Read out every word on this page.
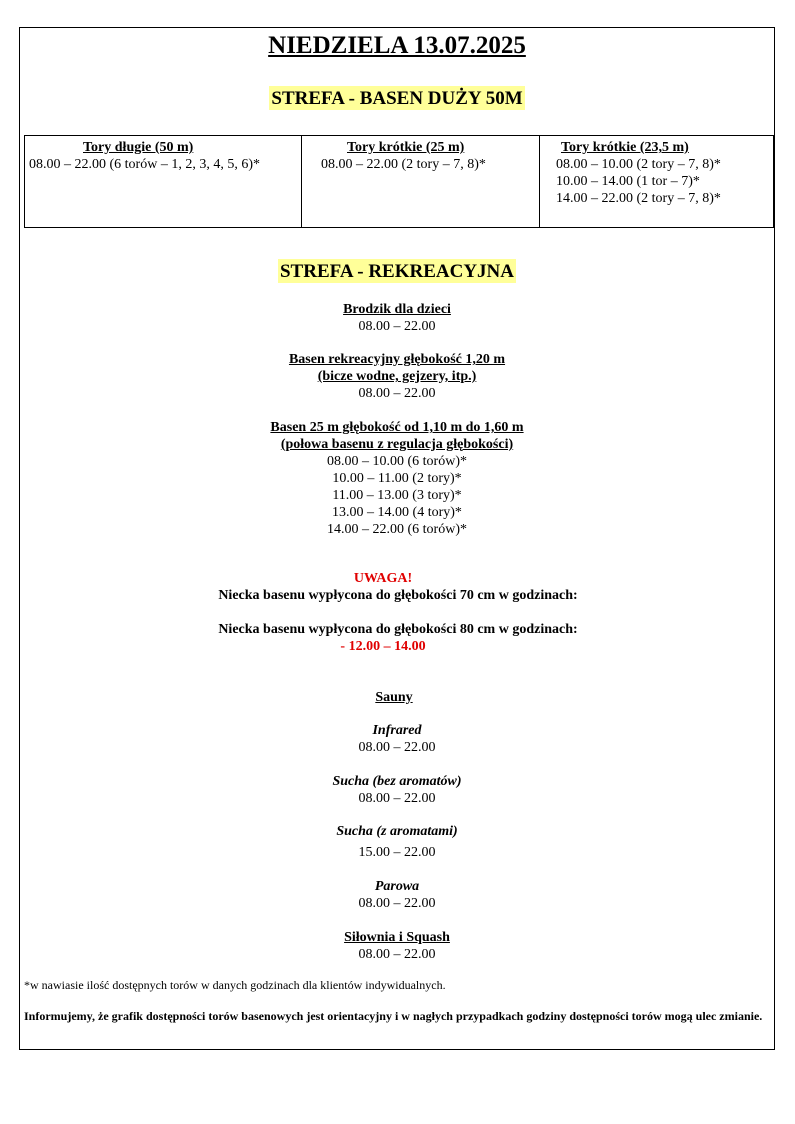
NIEDZIELA 13.07.2025
STREFA - BASEN DUŻY 50M
Tory długie (50 m)
08.00 – 22.00 (6 torów – 1, 2, 3, 4, 5, 6)*
Tory krótkie (25 m)
08.00 – 22.00 (2 tory – 7, 8)*
Tory krótkie (23,5 m)
08.00 – 10.00 (2 tory – 7, 8)*
10.00 – 14.00 (1 tor – 7)*
14.00 – 22.00 (2 tory – 7, 8)*
STREFA - REKREACYJNA
Brodzik dla dzieci
08.00 – 22.00
Basen rekreacyjny głębokość 1,20 m
(bicze wodne, gejzery, itp.)
08.00 – 22.00
Basen 25 m głębokość od 1,10 m do 1,60 m
(połowa basenu z regulacja głębokości)
08.00 – 10.00 (6 torów)*
10.00 – 11.00 (2 tory)*
11.00 – 13.00 (3 tory)*
13.00 – 14.00 (4 tory)*
14.00 – 22.00 (6 torów)*
UWAGA!
Niecka basenu wypłycona do głębokości 70 cm w godzinach:
Niecka basenu wypłycona do głębokości 80 cm w godzinach:
- 12.00 – 14.00
Sauny
Infrared
08.00 – 22.00
Sucha (bez aromatów)
08.00 – 22.00
Sucha (z aromatami)
15.00 – 22.00
Parowa
08.00 – 22.00
Siłownia i Squash
08.00 – 22.00
*w nawiasie ilość dostępnych torów w danych godzinach dla klientów indywidualnych.
Informujemy, że grafik dostępności torów basenowych jest orientacyjny i w nagłych przypadkach godziny dostępności torów mogą ulec zmianie.
